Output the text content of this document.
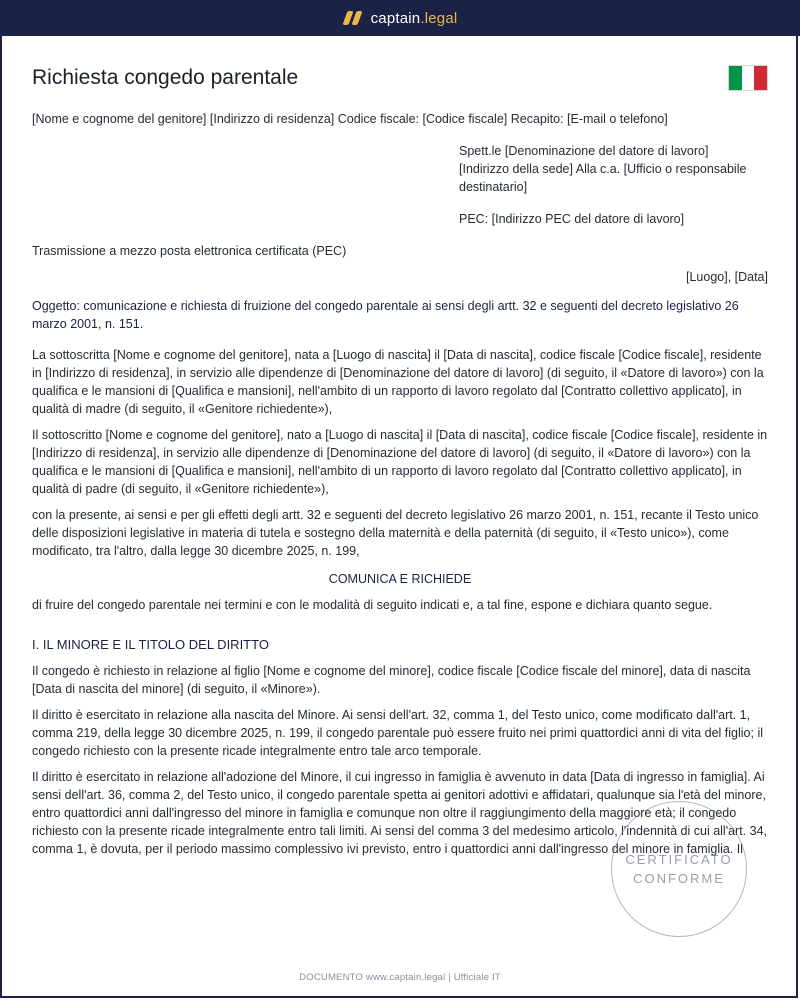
captain.legal
Richiesta congedo parentale

[Nome e cognome del genitore] [Indirizzo di residenza] Codice fiscale: [Codice fiscale] Recapito: [E-mail o telefono]

Spett.le [Denominazione del datore di lavoro] [Indirizzo della sede] Alla c.a. [Ufficio o responsabile destinatario]

PEC: [Indirizzo PEC del datore di lavoro]

Trasmissione a mezzo posta elettronica certificata (PEC)

[Luogo], [Data]

Oggetto: comunicazione e richiesta di fruizione del congedo parentale ai sensi degli artt. 32 e seguenti del decreto legislativo 26 marzo 2001, n. 151.

La sottoscritta [Nome e cognome del genitore], nata a [Luogo di nascita] il [Data di nascita], codice fiscale [Codice fiscale], residente in [Indirizzo di residenza], in servizio alle dipendenze di [Denominazione del datore di lavoro] (di seguito, il «Datore di lavoro») con la qualifica e le mansioni di [Qualifica e mansioni], nell'ambito di un rapporto di lavoro regolato dal [Contratto collettivo applicato], in qualità di madre (di seguito, il «Genitore richiedente»),

Il sottoscritto [Nome e cognome del genitore], nato a [Luogo di nascita] il [Data di nascita], codice fiscale [Codice fiscale], residente in [Indirizzo di residenza], in servizio alle dipendenze di [Denominazione del datore di lavoro] (di seguito, il «Datore di lavoro») con la qualifica e le mansioni di [Qualifica e mansioni], nell'ambito di un rapporto di lavoro regolato dal [Contratto collettivo applicato], in qualità di padre (di seguito, il «Genitore richiedente»),

con la presente, ai sensi e per gli effetti degli artt. 32 e seguenti del decreto legislativo 26 marzo 2001, n. 151, recante il Testo unico delle disposizioni legislative in materia di tutela e sostegno della maternità e della paternità (di seguito, il «Testo unico»), come modificato, tra l'altro, dalla legge 30 dicembre 2025, n. 199,

COMUNICA E RICHIEDE

di fruire del congedo parentale nei termini e con le modalità di seguito indicati e, a tal fine, espone e dichiara quanto segue.

I. IL MINORE E IL TITOLO DEL DIRITTO

Il congedo è richiesto in relazione al figlio [Nome e cognome del minore], codice fiscale [Codice fiscale del minore], data di nascita [Data di nascita del minore] (di seguito, il «Minore»).

Il diritto è esercitato in relazione alla nascita del Minore. Ai sensi dell'art. 32, comma 1, del Testo unico, come modificato dall'art. 1, comma 219, della legge 30 dicembre 2025, n. 199, il congedo parentale può essere fruito nei primi quattordici anni di vita del figlio; il congedo richiesto con la presente ricade integralmente entro tale arco temporale.

Il diritto è esercitato in relazione all'adozione del Minore, il cui ingresso in famiglia è avvenuto in data [Data di ingresso in famiglia]. Ai sensi dell'art. 36, comma 2, del Testo unico, il congedo parentale spetta ai genitori adottivi e affidatari, qualunque sia l'età del minore, entro quattordici anni dall'ingresso del minore in famiglia e comunque non oltre il raggiungimento della maggiore età; il congedo richiesto con la presente ricade integralmente entro tali limiti. Ai sensi del comma 3 del medesimo articolo, l'indennità di cui all'art. 34, comma 1, è dovuta, per il periodo massimo complessivo ivi previsto, entro i quattordici anni dall'ingresso del minore in famiglia. Il

CERTIFICATO
CONFORME
DOCUMENTO www.captain.legal | Ufficiale IT
